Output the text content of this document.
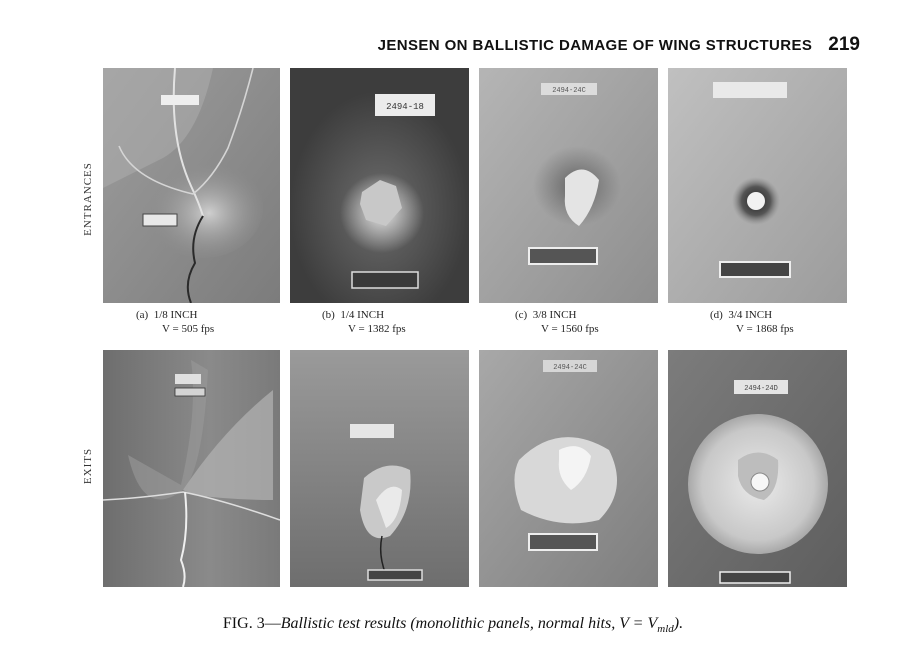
JENSEN ON BALLISTIC DAMAGE OF WING STRUCTURES 219
ENTRANCES
EXITS
2494-18
2494-24C
(a) 1/8 INCH
V = 505 fps
(b) 1/4 INCH
V = 1382 fps
(c) 3/8 INCH
V = 1560 fps
(d) 3/4 INCH
V = 1868 fps
2494-24C
2494-24D
FIG. 3—Ballistic test results (monolithic panels, normal hits, $V = V_{mld}$).
